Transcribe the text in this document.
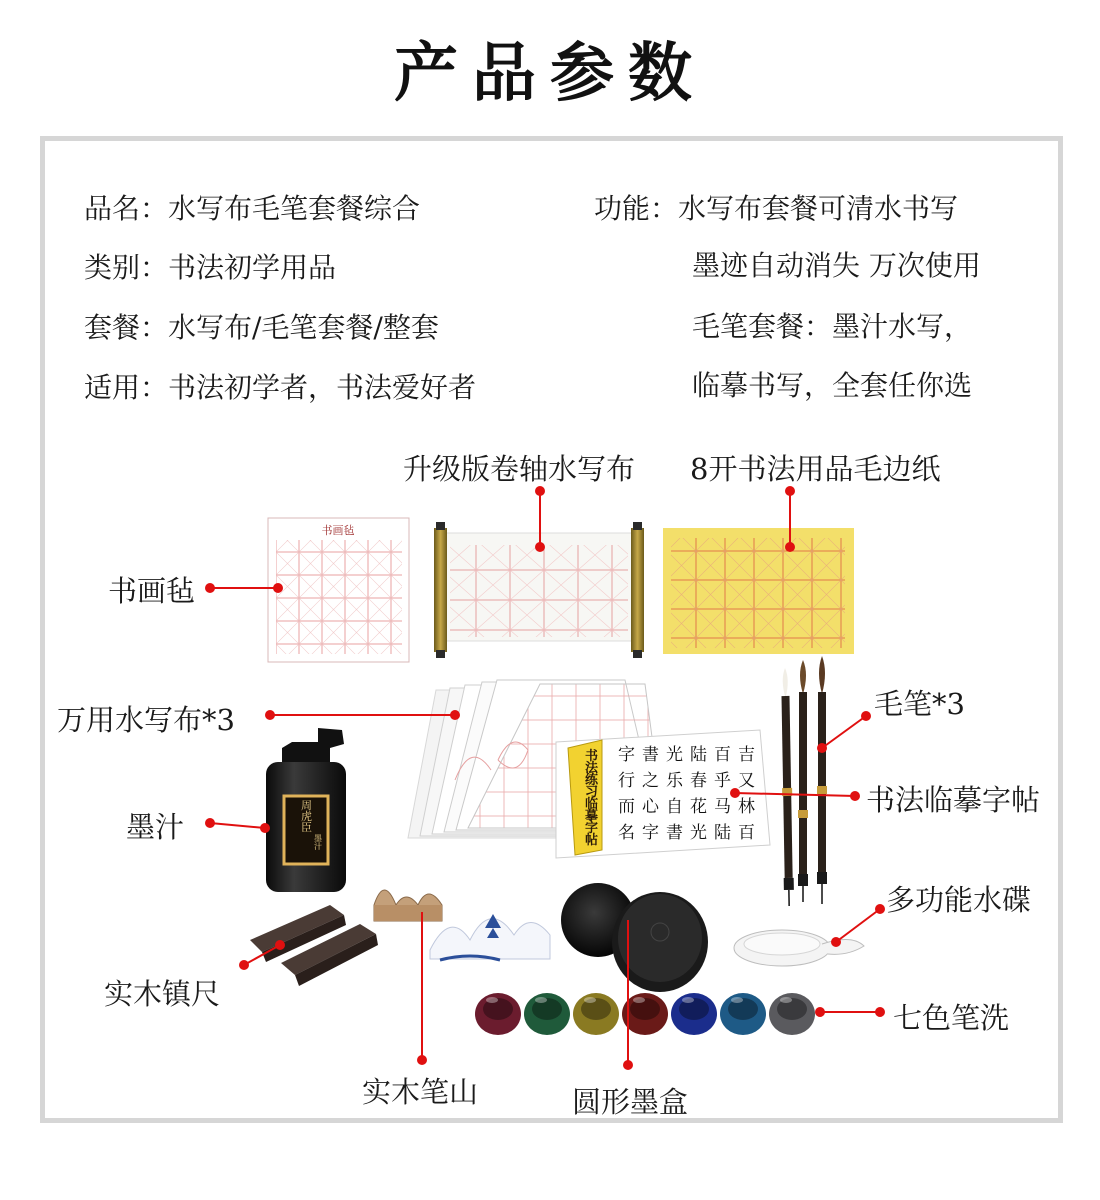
产品参数
书画毡
书法练习临摹字帖
字 書 光 陆 百 吉
行 之 乐 春 乎 又
而 心 自 花 马 林
名 字 書 光 陆 百
周虎臣
墨汁
品名：水写布毛笔套餐综合
类别：书法初学用品
套餐：水写布/毛笔套餐/整套
适用：书法初学者，书法爱好者
功能：水写布套餐可清水书写
墨迹自动消失 万次使用
毛笔套餐：墨汁水写，
临摹书写，全套任你选
升级版卷轴水写布 8开书法用品毛边纸
书画毡
万用水写布*3	毛笔*3
书法临摹字帖
墨汁
多功能水碟
实木镇尺
七色笔洗
实木笔山	圆形墨盒
